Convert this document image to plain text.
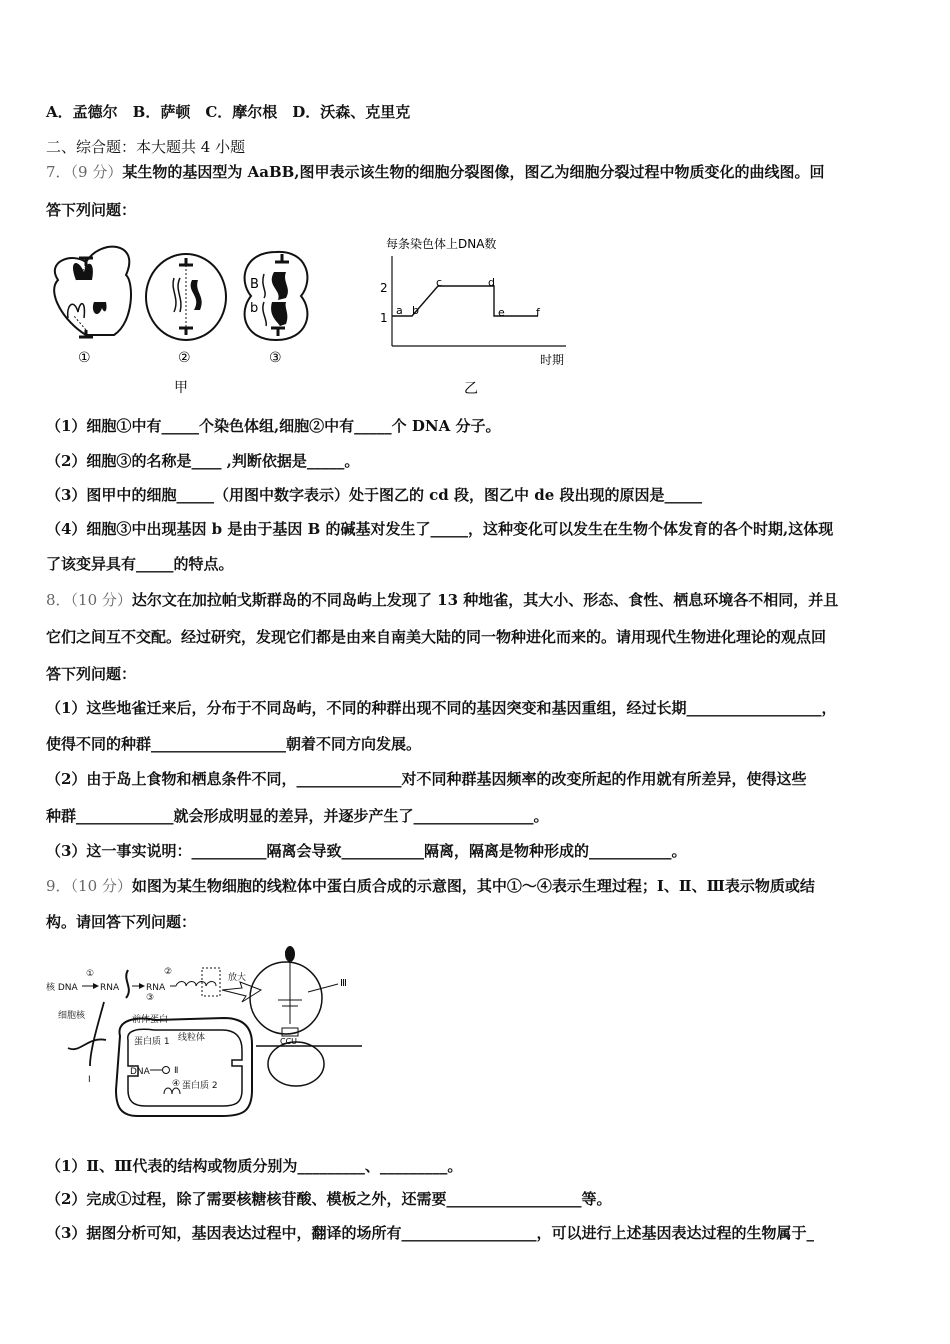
A．孟德尔　B．萨顿　C．摩尔根　D．沃森、克里克
二、综合题：本大题共 4 小题
7．（9 分）某生物的基因型为 AaBB,图甲表示该生物的细胞分裂图像，图乙为细胞分裂过程中物质变化的曲线图。回
答下列问题：
①	②
B
b
③
甲
每条染色体上DNA数
时期
2
1
a b
c	d
e	f
乙
（1）细胞①中有_____个染色体组,细胞②中有_____个 DNA 分子。
（2）细胞③的名称是____ ,判断依据是_____。
（3）图甲中的细胞_____（用图中数字表示）处于图乙的 cd 段，图乙中 de 段出现的原因是_____
（4）细胞③中出现基因 b 是由于基因 B 的碱基对发生了_____，这种变化可以发生在生物个体发育的各个时期,这体现
了该变异具有_____的特点。
8．（10 分）达尔文在加拉帕戈斯群岛的不同岛屿上发现了 13 种地雀，其大小、形态、食性、栖息环境各不相同，并且
它们之间互不交配。经过研究，发现它们都是由来自南美大陆的同一物种进化而来的。请用现代生物进化理论的观点回
答下列问题：
（1）这些地雀迁来后，分布于不同岛屿，不同的种群出现不同的基因突变和基因重组，经过长期__________________，
使得不同的种群__________________朝着不同方向发展。
（2）由于岛上食物和栖息条件不同，______________对不同种群基因频率的改变所起的作用就有所差异，使得这些
种群_____________就会形成明显的差异，并逐步产生了________________。
（3）这一事实说明：__________隔离会导致___________隔离，隔离是物种形成的___________。
9．（10 分）如图为某生物细胞的线粒体中蛋白质合成的示意图，其中①～④表示生理过程；Ⅰ、Ⅱ、Ⅲ表示物质或结
构。请回答下列问题：
核 DNA
①
RNA	RNA
②
放大
细胞核	前体蛋白
③
Ⅰ
蛋白质 1 线粒体
DNA	Ⅱ
④ 蛋白质 2
CCU
Ⅲ
（1）Ⅱ、Ⅲ代表的结构或物质分别为_________、_________。
（2）完成①过程，除了需要核糖核苷酸、模板之外，还需要__________________等。
（3）据图分析可知，基因表达过程中，翻译的场所有__________________，可以进行上述基因表达过程的生物属于_
